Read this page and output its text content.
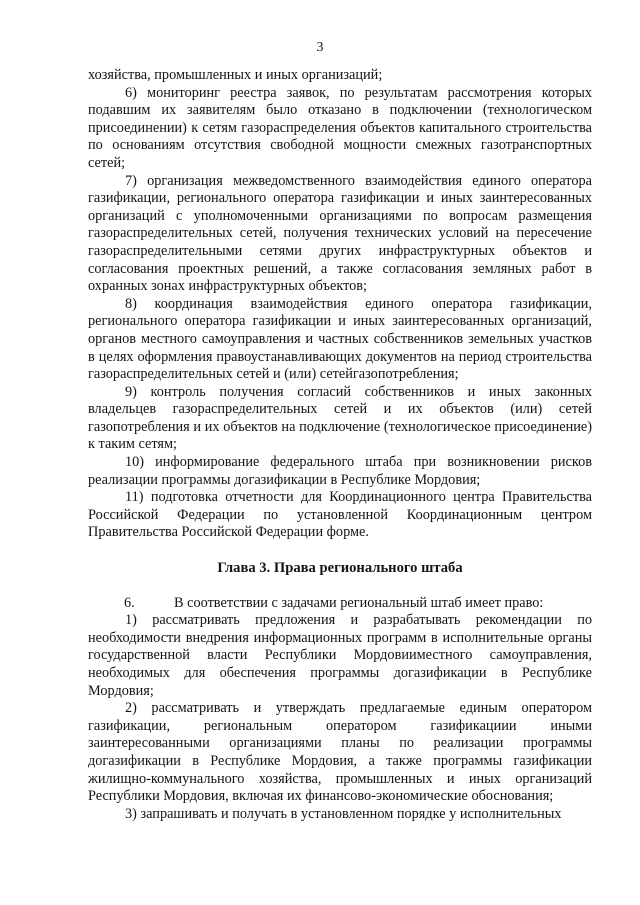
3

хозяйства, промышленных и иных организаций;

6) мониторинг реестра заявок, по результатам рассмотрения которых подавшим их заявителям было отказано в подключении (технологическом присоединении) к сетям газораспределения объектов капитального строительства по основаниям отсутствия свободной мощности смежных газотранспортных сетей;

7) организация межведомственного взаимодействия единого оператора газификации, регионального оператора газификации и иных заинтересованных организаций с уполномоченными организациями по вопросам размещения газораспределительных сетей, получения технических условий на пересечение газораспределительными сетями других инфраструктурных объектов и согласования проектных решений, а также согласования земляных работ в охранных зонах инфраструктурных объектов;

8) координация взаимодействия единого оператора газификации, регионального оператора газификации и иных заинтересованных организаций, органов местного самоуправления и частных собственников земельных участков в целях оформления правоустанавливающих документов на период строительства газораспределительных сетей и (или) сетейгазопотребления;

9) контроль получения согласий собственников и иных законных владельцев газораспределительных сетей и их объектов (или) сетей газопотребления и их объектов на подключение (технологическое присоединение) к таким сетям;

10) информирование федерального штаба при возникновении рисков реализации программы догазификации в Республике Мордовия;

11) подготовка отчетности для Координационного центра Правительства Российской Федерации по установленной Координационным центром Правительства Российской Федерации форме.

Глава 3. Права регионального штаба

6.	В соответствии с задачами региональный штаб имеет право:

1) рассматривать предложения и разрабатывать рекомендации по необходимости внедрения информационных программ в исполнительные органы государственной власти Республики Мордовииместного самоуправления, необходимых для обеспечения программы догазификации в Республике Мордовия;

2) рассматривать и утверждать предлагаемые единым оператором газификации, региональным оператором газификациии иными заинтересованными организациями планы по реализации программы догазификации в Республике Мордовия, а также программы газификации жилищно-коммунального хозяйства, промышленных и иных организаций Республики Мордовия, включая их финансово-экономические обоснования;

3) запрашивать и получать в установленном порядке у исполнительных
